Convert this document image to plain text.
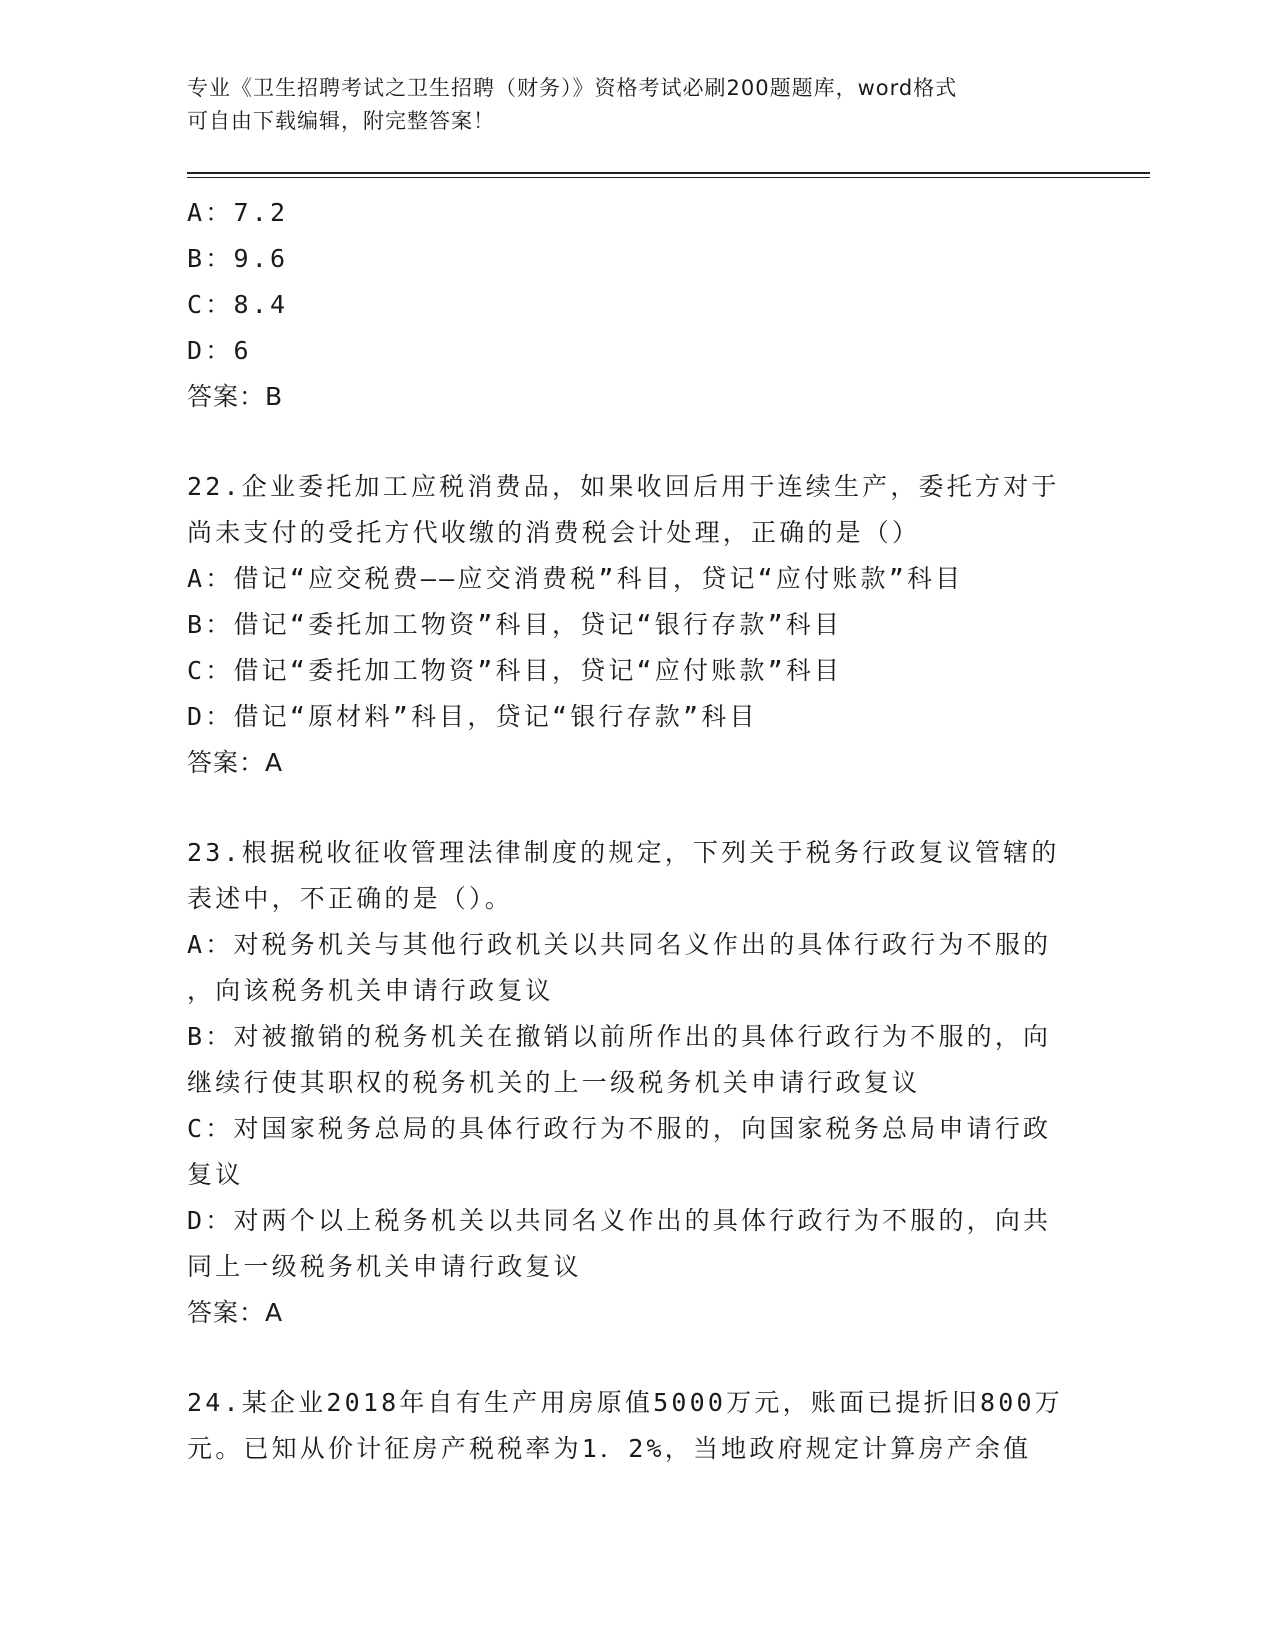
专业《卫生招聘考试之卫生招聘（财务）》资格考试必刷200题题库，word格式
可自由下载编辑，附完整答案！
A：7.2
B：9.6
C：8.4
D：6
答案：B
22.企业委托加工应税消费品，如果收回后用于连续生产，委托方对于
尚未支付的受托方代收缴的消费税会计处理，正确的是（）
A：借记“应交税费——应交消费税”科目，贷记“应付账款”科目
B：借记“委托加工物资”科目，贷记“银行存款”科目
C：借记“委托加工物资”科目，贷记“应付账款”科目
D：借记“原材料”科目，贷记“银行存款”科目
答案：A
23.根据税收征收管理法律制度的规定，下列关于税务行政复议管辖的
表述中，不正确的是（）。
A：对税务机关与其他行政机关以共同名义作出的具体行政行为不服的
，向该税务机关申请行政复议
B：对被撤销的税务机关在撤销以前所作出的具体行政行为不服的，向
继续行使其职权的税务机关的上一级税务机关申请行政复议
C：对国家税务总局的具体行政行为不服的，向国家税务总局申请行政
复议
D：对两个以上税务机关以共同名义作出的具体行政行为不服的，向共
同上一级税务机关申请行政复议
答案：A
24.某企业2018年自有生产用房原值5000万元，账面已提折旧800万
元。已知从价计征房产税税率为1．2%，当地政府规定计算房产余值
